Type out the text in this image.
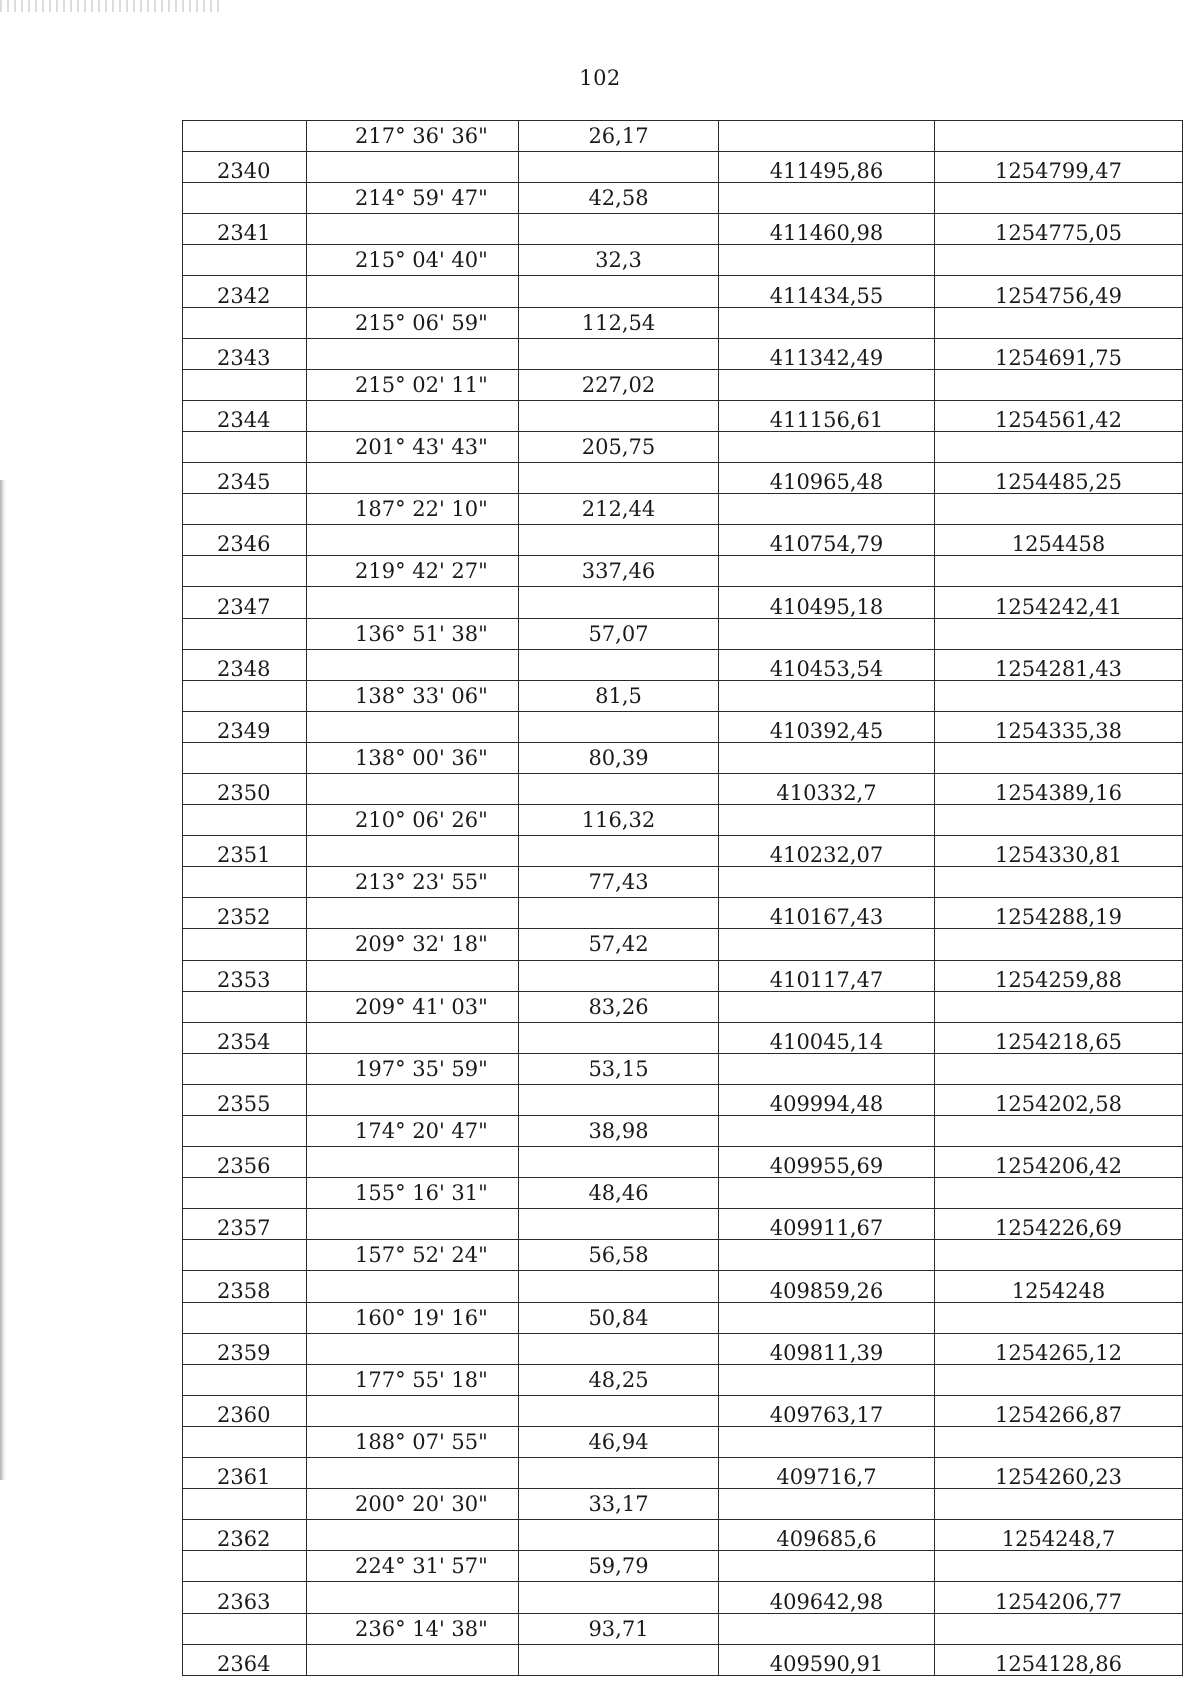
102
	217° 36' 36"	26,17		
2340			411495,86	1254799,47
	214° 59' 47"	42,58		
2341			411460,98	1254775,05
	215° 04' 40"	32,3		
2342			411434,55	1254756,49
	215° 06' 59"	112,54		
2343			411342,49	1254691,75
	215° 02' 11"	227,02		
2344			411156,61	1254561,42
	201° 43' 43"	205,75		
2345			410965,48	1254485,25
	187° 22' 10"	212,44		
2346			410754,79	1254458
	219° 42' 27"	337,46		
2347			410495,18	1254242,41
	136° 51' 38"	57,07		
2348			410453,54	1254281,43
	138° 33' 06"	81,5		
2349			410392,45	1254335,38
	138° 00' 36"	80,39		
2350			410332,7	1254389,16
	210° 06' 26"	116,32		
2351			410232,07	1254330,81
	213° 23' 55"	77,43		
2352			410167,43	1254288,19
	209° 32' 18"	57,42		
2353			410117,47	1254259,88
	209° 41' 03"	83,26		
2354			410045,14	1254218,65
	197° 35' 59"	53,15		
2355			409994,48	1254202,58
	174° 20' 47"	38,98		
2356			409955,69	1254206,42
	155° 16' 31"	48,46		
2357			409911,67	1254226,69
	157° 52' 24"	56,58		
2358			409859,26	1254248
	160° 19' 16"	50,84		
2359			409811,39	1254265,12
	177° 55' 18"	48,25		
2360			409763,17	1254266,87
	188° 07' 55"	46,94		
2361			409716,7	1254260,23
	200° 20' 30"	33,17		
2362			409685,6	1254248,7
	224° 31' 57"	59,79		
2363			409642,98	1254206,77
	236° 14' 38"	93,71		
2364			409590,91	1254128,86
